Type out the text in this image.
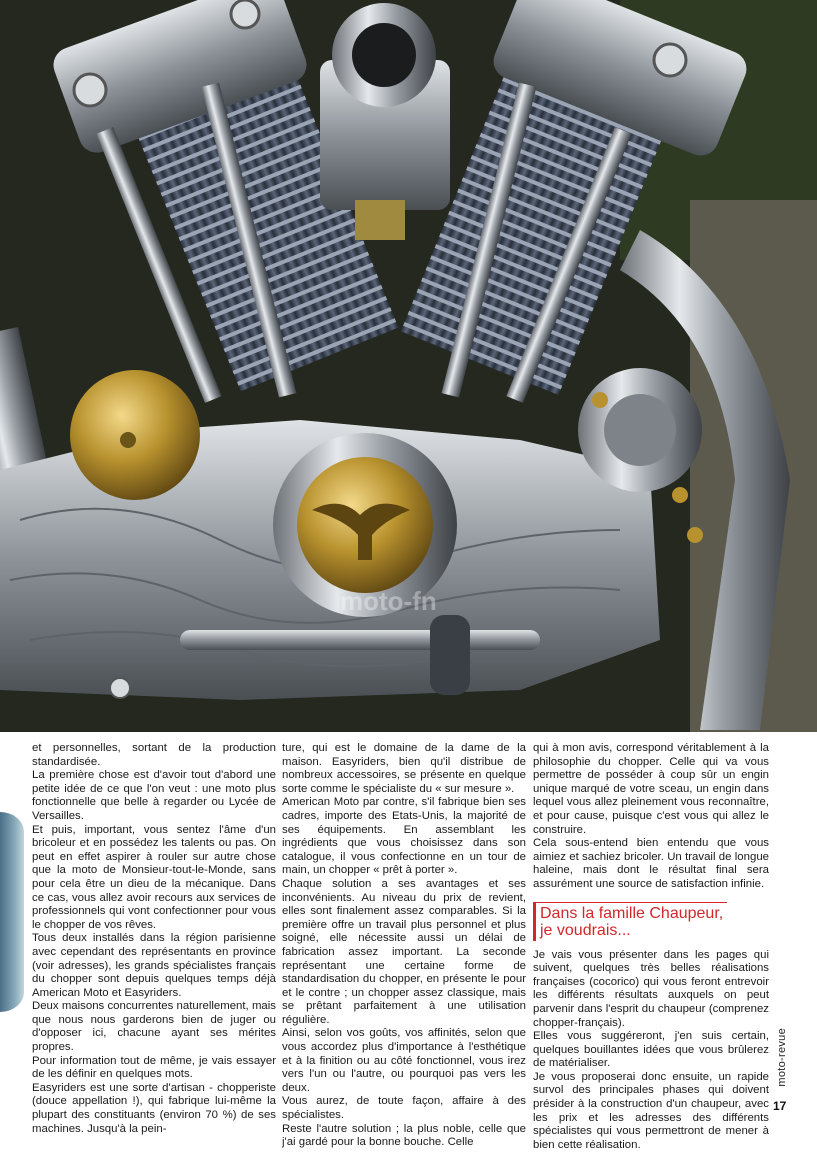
moto-fn

et personnelles, sortant de la production standardisée.

La première chose est d'avoir tout d'abord une petite idée de ce que l'on veut : une moto plus fonctionnelle que belle à regarder ou Lycée de Versailles.

Et puis, important, vous sentez l'âme d'un bricoleur et en possédez les talents ou pas. On peut en effet aspirer à rouler sur autre chose que la moto de Monsieur-tout-le-Monde, sans pour cela être un dieu de la mécanique. Dans ce cas, vous allez avoir recours aux services de professionnels qui vont confectionner pour vous le chopper de vos rêves.

Tous deux installés dans la région parisienne avec cependant des représentants en province (voir adresses), les grands spécialistes français du chopper sont depuis quelques temps déjà American Moto et Easyriders.

Deux maisons concurrentes naturellement, mais que nous nous garderons bien de juger ou d'opposer ici, chacune ayant ses mérites propres.

Pour information tout de même, je vais essayer de les définir en quelques mots.

Easyriders est une sorte d'artisan - chopperiste (douce appellation !), qui fabrique lui-même la plupart des constituants (environ 70 %) de ses machines. Jusqu'à la pein-

ture, qui est le domaine de la dame de la maison. Easyriders, bien qu'il distribue de nombreux accessoires, se présente en quelque sorte comme le spécialiste du « sur mesure ».

American Moto par contre, s'il fabrique bien ses cadres, importe des Etats-Unis, la majorité de ses équipements. En assemblant les ingrédients que vous choisissez dans son catalogue, il vous confectionne en un tour de main, un chopper « prêt à porter ».

Chaque solution a ses avantages et ses inconvénients. Au niveau du prix de revient, elles sont finalement assez comparables. Si la première offre un travail plus personnel et plus soigné, elle nécessite aussi un délai de fabrication assez important. La seconde représentant une certaine forme de standardisation du chopper, en présente le pour et le contre ; un chopper assez classique, mais se prêtant parfaitement à une utilisation régulière.

Ainsi, selon vos goûts, vos affinités, selon que vous accordez plus d'importance à l'esthétique et à la finition ou au côté fonctionnel, vous irez vers l'un ou l'autre, ou pourquoi pas vers les deux.

Vous aurez, de toute façon, affaire à des spécialistes.

Reste l'autre solution ; la plus noble, celle que j'ai gardé pour la bonne bouche. Celle

qui à mon avis, correspond véritablement à la philosophie du chopper. Celle qui va vous permettre de posséder à coup sûr un engin unique marqué de votre sceau, un engin dans lequel vous allez pleinement vous reconnaître, et pour cause, puisque c'est vous qui allez le construire.

Cela sous-entend bien entendu que vous aimiez et sachiez bricoler. Un travail de longue haleine, mais dont le résultat final sera assurément une source de satisfaction infinie.

Dans la famille Chaupeur,
je voudrais...

Je vais vous présenter dans les pages qui suivent, quelques très belles réalisations françaises (cocorico) qui vous feront entrevoir les différents résultats auxquels on peut parvenir dans l'esprit du chaupeur (comprenez chopper-français).

Elles vous suggéreront, j'en suis certain, quelques bouillantes idées que vous brûlerez de matérialiser.

Je vous proposerai donc ensuite, un rapide survol des principales phases qui doivent présider à la construction d'un chaupeur, avec les prix et les adresses des différents spécialistes qui vous permettront de mener à bien cette réalisation.

moto-revue
17
